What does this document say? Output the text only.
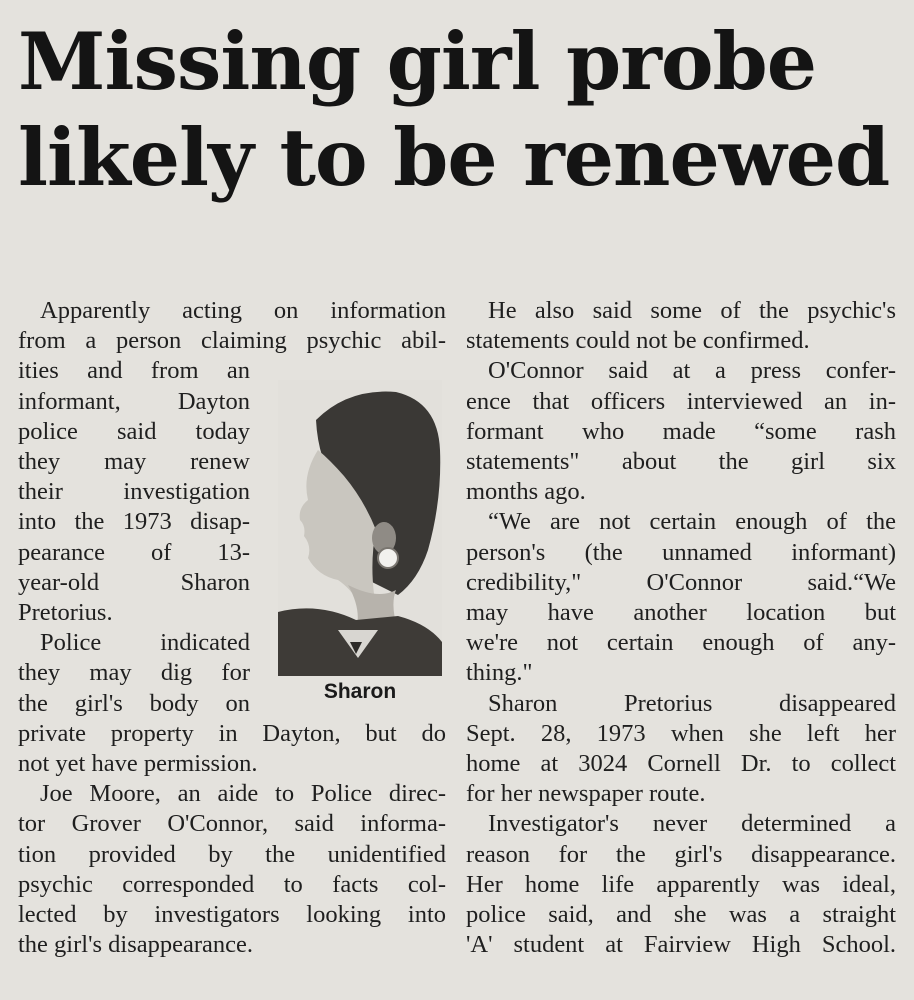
Missing girl probe
likely to be renewed
Apparently acting on information
from a person claiming psychic abil-
ities and from an
informant, Dayton
police said today
they may renew
their investigation
into the 1973 disap-
pearance of 13-
year-old Sharon
Pretorius.
Police indicated
they may dig for
the girl's body on
private property in Dayton, but do
not yet have permission.
Joe Moore, an aide to Police direc-
tor Grover O'Connor, said informa-
tion provided by the unidentified
psychic corresponded to facts col-
lected by investigators looking into
the girl's disappearance.
Sharon
He also said some of the psychic's
statements could not be confirmed.
O'Connor said at a press confer-
ence that officers interviewed an in-
formant who made “some rash
statements" about the girl six
months ago.
“We are not certain enough of the
person's (the unnamed informant)
credibility," O'Connor said.“We
may have another location but
we're not certain enough of any-
thing."
Sharon Pretorius disappeared
Sept. 28, 1973 when she left her
home at 3024 Cornell Dr. to collect
for her newspaper route.
Investigator's never determined a
reason for the girl's disappearance.
Her home life apparently was ideal,
police said, and she was a straight
'A' student at Fairview High School.
